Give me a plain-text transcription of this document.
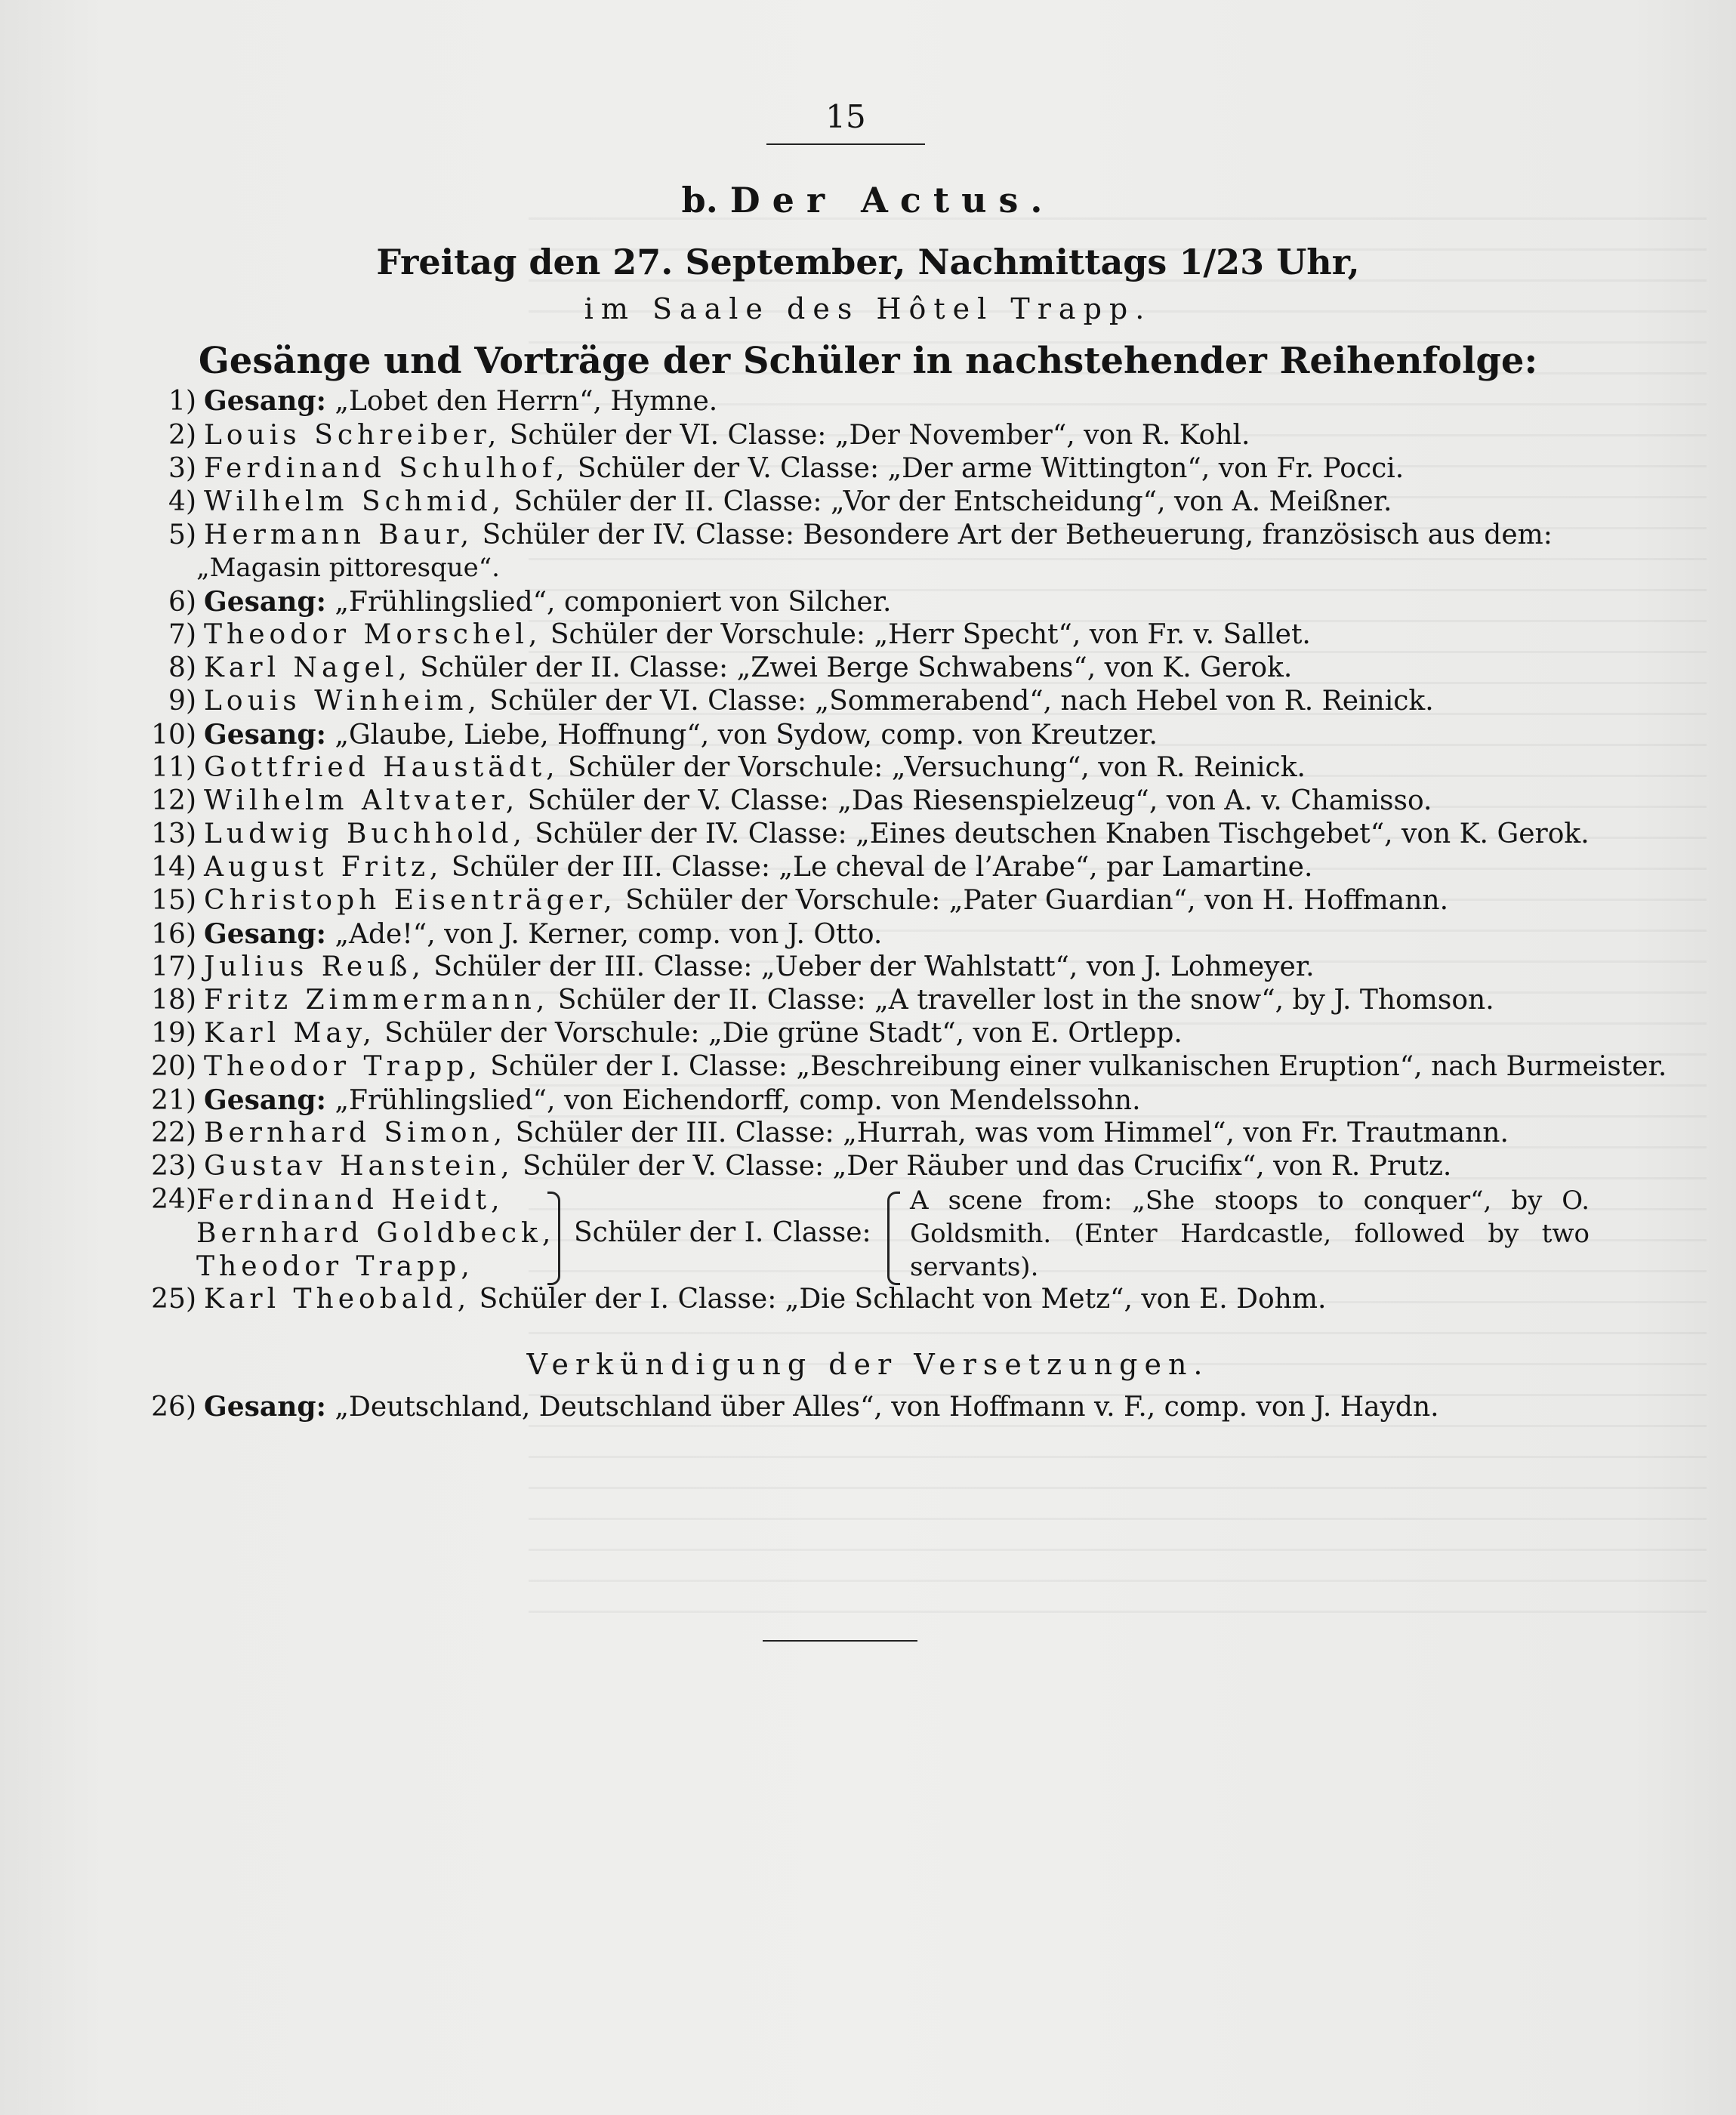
15
b. Der Actus.
Freitag den 27. September, Nachmittags 1/23 Uhr,
im Saale des Hôtel Trapp.
Gesänge und Vorträge der Schüler in nachstehender Reihenfolge:
1) Gesang: „Lobet den Herrn“, Hymne.
2) Louis Schreiber, Schüler der VI. Classe: „Der November“, von R. Kohl.
3) Ferdinand Schulhof, Schüler der V. Classe: „Der arme Wittington“, von Fr. Pocci.
4) Wilhelm Schmid, Schüler der II. Classe: „Vor der Entscheidung“, von A. Meißner.
5) Hermann Baur, Schüler der IV. Classe: Besondere Art der Betheuerung, französisch aus dem:
„Magasin pittoresque“.
6) Gesang: „Frühlingslied“, componiert von Silcher.
7) Theodor Morschel, Schüler der Vorschule: „Herr Specht“, von Fr. v. Sallet.
8) Karl Nagel, Schüler der II. Classe: „Zwei Berge Schwabens“, von K. Gerok.
9) Louis Winheim, Schüler der VI. Classe: „Sommerabend“, nach Hebel von R. Reinick.
10) Gesang: „Glaube, Liebe, Hoffnung“, von Sydow, comp. von Kreutzer.
11) Gottfried Haustädt, Schüler der Vorschule: „Versuchung“, von R. Reinick.
12) Wilhelm Altvater, Schüler der V. Classe: „Das Riesenspielzeug“, von A. v. Chamisso.
13) Ludwig Buchhold, Schüler der IV. Classe: „Eines deutschen Knaben Tischgebet“, von K. Gerok.
14) August Fritz, Schüler der III. Classe: „Le cheval de l’Arabe“, par Lamartine.
15) Christoph Eisenträger, Schüler der Vorschule: „Pater Guardian“, von H. Hoffmann.
16) Gesang: „Ade!“, von J. Kerner, comp. von J. Otto.
17) Julius Reuß, Schüler der III. Classe: „Ueber der Wahlstatt“, von J. Lohmeyer.
18) Fritz Zimmermann, Schüler der II. Classe: „A traveller lost in the snow“, by J. Thomson.
19) Karl May, Schüler der Vorschule: „Die grüne Stadt“, von E. Ortlepp.
20) Theodor Trapp, Schüler der I. Classe: „Beschreibung einer vulkanischen Eruption“, nach Burmeister.
21) Gesang: „Frühlingslied“, von Eichendorff, comp. von Mendelssohn.
22) Bernhard Simon, Schüler der III. Classe: „Hurrah, was vom Himmel“, von Fr. Trautmann.
23) Gustav Hanstein, Schüler der V. Classe: „Der Räuber und das Crucifix“, von R. Prutz.
24) Ferdinand Heidt,
Bernhard Goldbeck,
Theodor Trapp,
Schüler der I. Classe:
A scene from: „She stoops to conquer“, by O. Goldsmith. (Enter Hardcastle, followed by two servants).
25) Karl Theobald, Schüler der I. Classe: „Die Schlacht von Metz“, von E. Dohm.
Verkündigung der Versetzungen.
26) Gesang: „Deutschland, Deutschland über Alles“, von Hoffmann v. F., comp. von J. Haydn.
